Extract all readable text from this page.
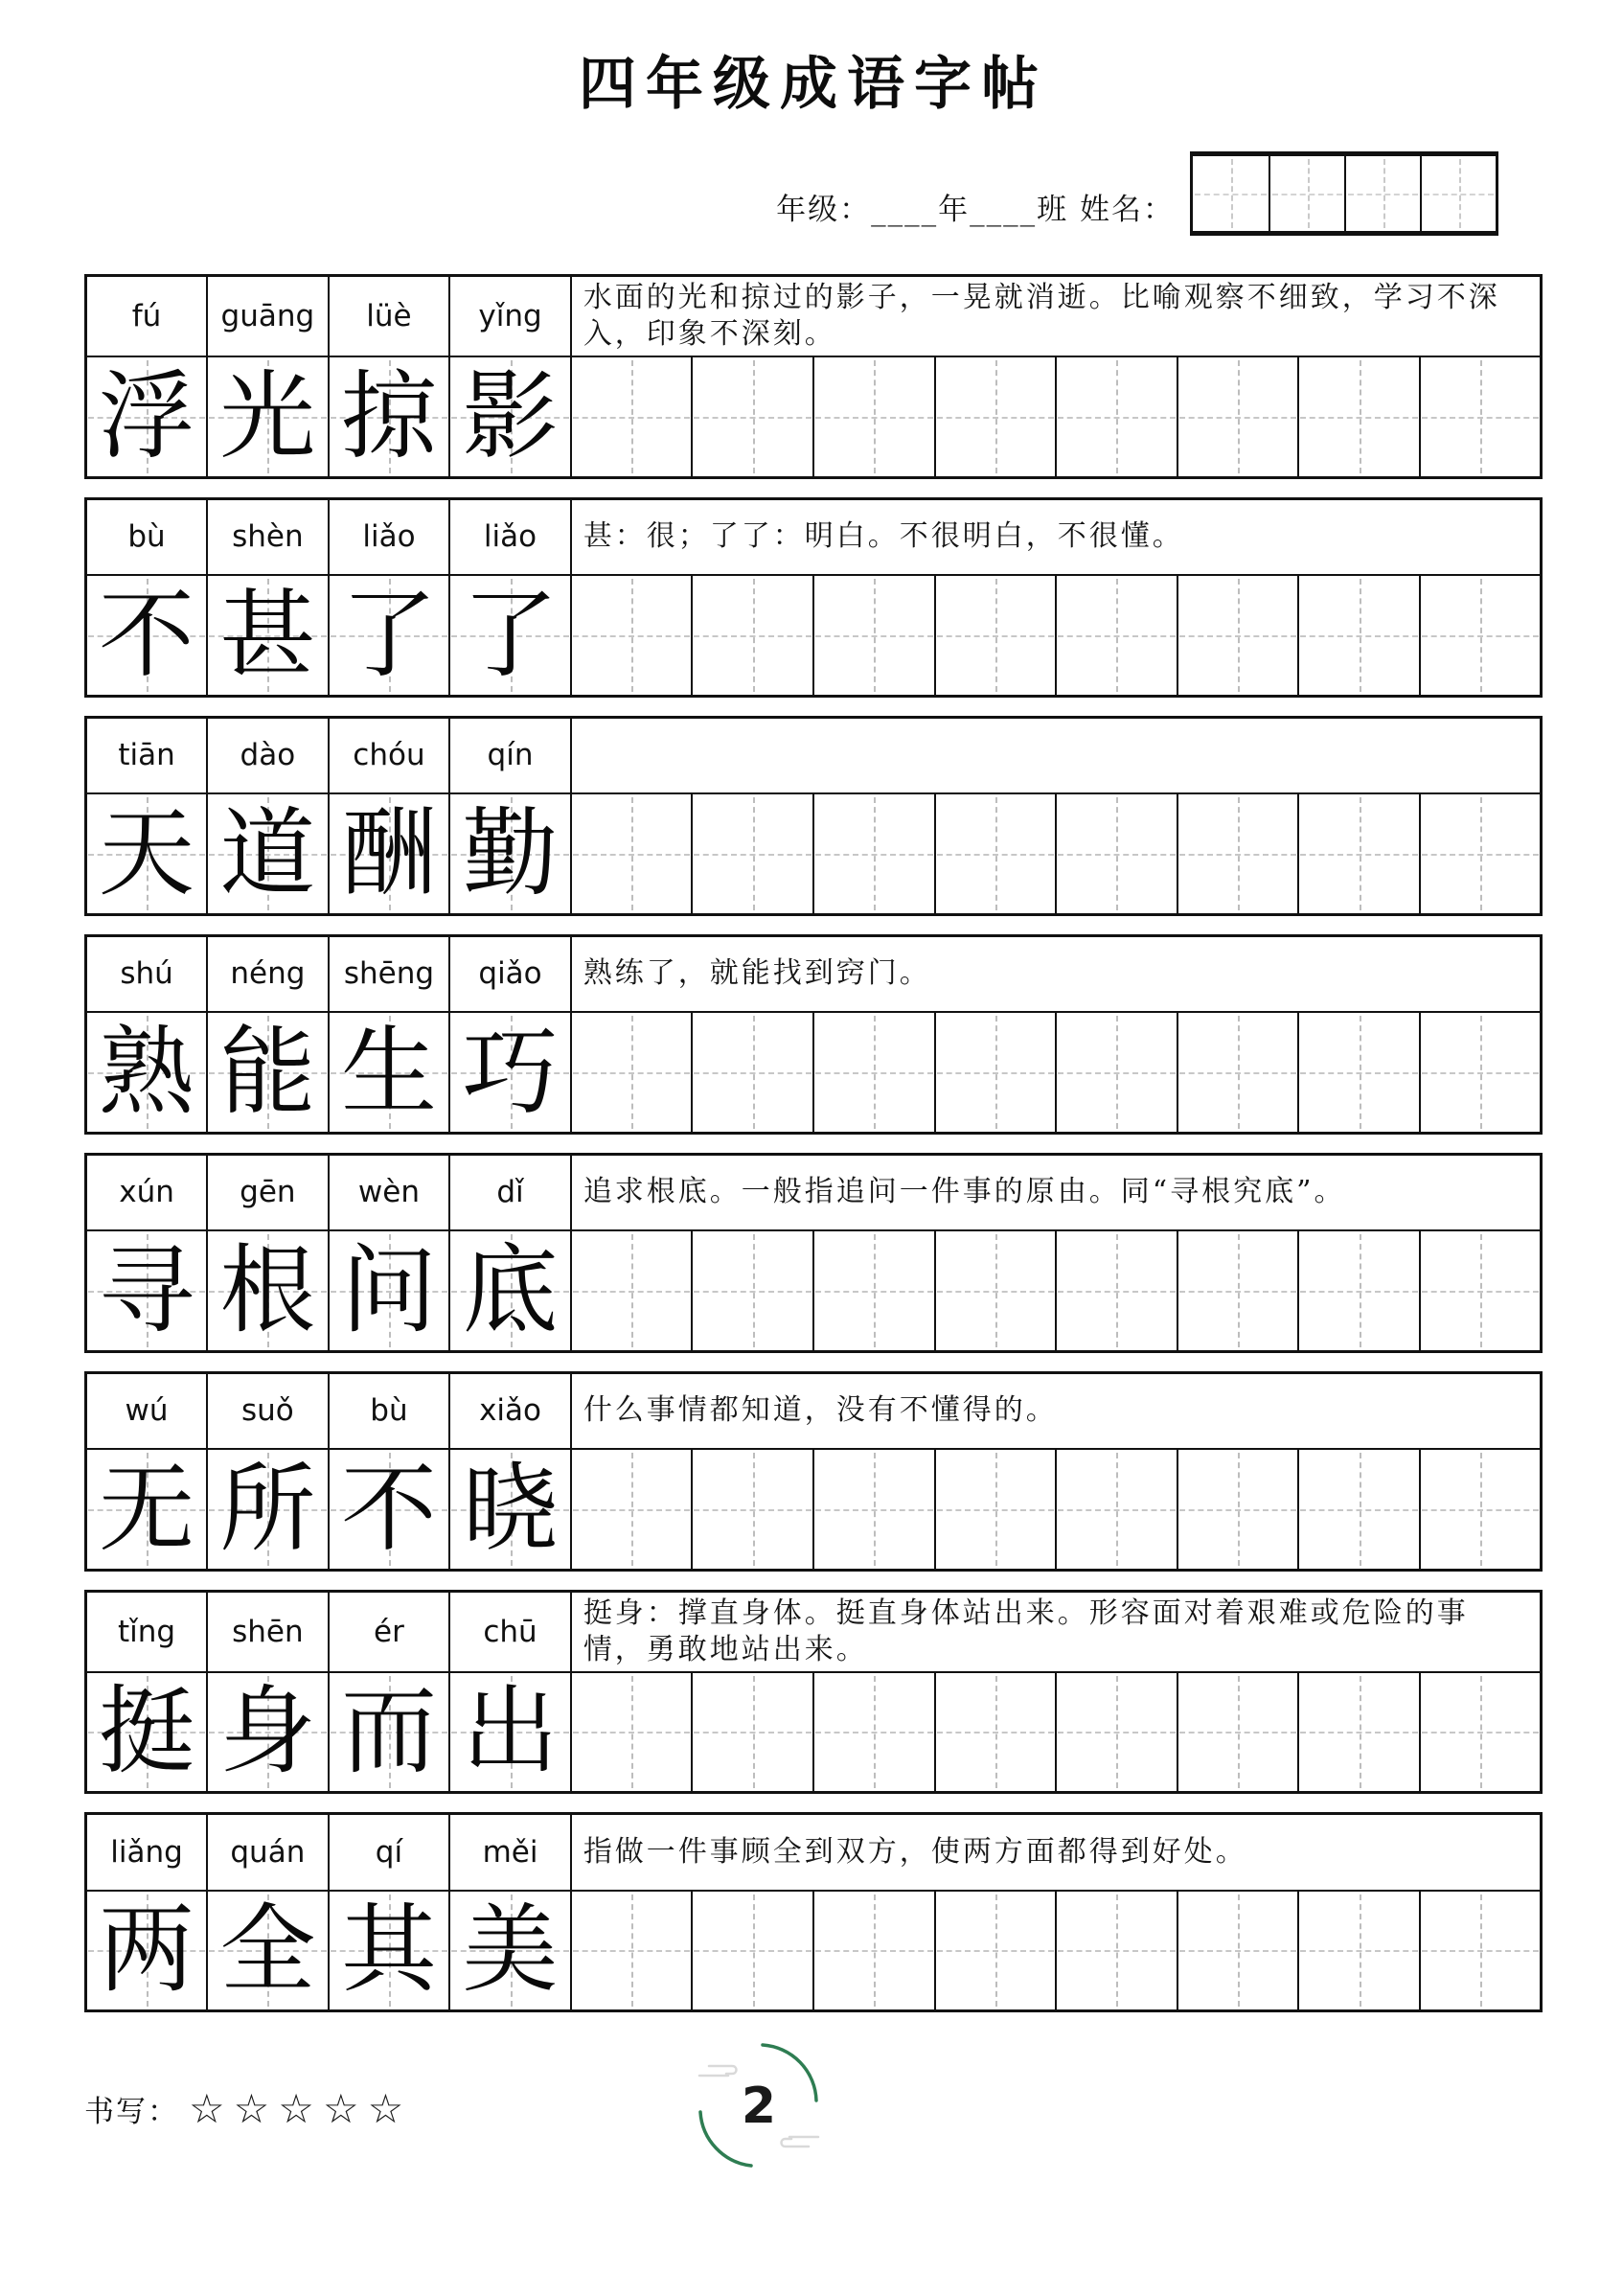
四年级成语字帖
年级：____年____班 姓名：
fú	guāng	lüè	yǐng	水面的光和掠过的影子，一晃就消逝。比喻观察不细致，学习不深入，印象不深刻。							
浮	光	掠	影								
bù	shèn	liǎo	liǎo	甚：很；了了：明白。不很明白，不很懂。							
不	甚	了	了								
tiān	dào	chóu	qín								
天	道	酬	勤								
shú	néng	shēng	qiǎo	熟练了，就能找到窍门。							
熟	能	生	巧								
xún	gēn	wèn	dǐ	追求根底。一般指追问一件事的原由。同“寻根究底”。							
寻	根	问	底								
wú	suǒ	bù	xiǎo	什么事情都知道，没有不懂得的。							
无	所	不	晓								
tǐng	shēn	ér	chū	挺身：撑直身体。挺直身体站出来。形容面对着艰难或危险的事情，勇敢地站出来。							
挺	身	而	出								
liǎng	quán	qí	měi	指做一件事顾全到双方，使两方面都得到好处。							
两	全	其	美								
书写： ☆☆☆☆☆	2
